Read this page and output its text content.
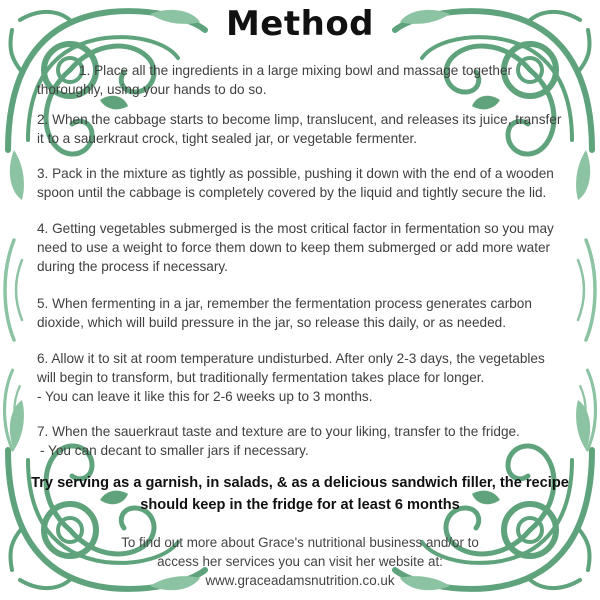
Method

1. Place all the ingredients in a large mixing bowl and massage together thoroughly, using your hands to do so.

2. When the cabbage starts to become limp, translucent, and releases its juice, transfer it to a sauerkraut crock, tight sealed jar, or vegetable fermenter.

3. Pack in the mixture as tightly as possible, pushing it down with the end of a wooden spoon until the cabbage is completely covered by the liquid and tightly secure the lid.

4. Getting vegetables submerged is the most critical factor in fermentation so you may need to use a weight to force them down to keep them submerged or add more water during the process if necessary.

5. When fermenting in a jar, remember the fermentation process generates carbon dioxide, which will build pressure in the jar, so release this daily, or as needed.

6. Allow it to sit at room temperature undisturbed. After only 2-3 days, the vegetables will begin to transform, but traditionally fermentation takes place for longer.

- You can leave it like this for 2-6 weeks up to 3 months.

7. When the sauerkraut taste and texture are to your liking, transfer to the fridge.

- You can decant to smaller jars if necessary.

Try serving as a garnish, in salads, & as a delicious sandwich filler, the recipe should keep in the fridge for at least 6 months

To find out more about Grace's nutritional business and/or to

access her services you can visit her website at:

www.graceadamsnutrition.co.uk
